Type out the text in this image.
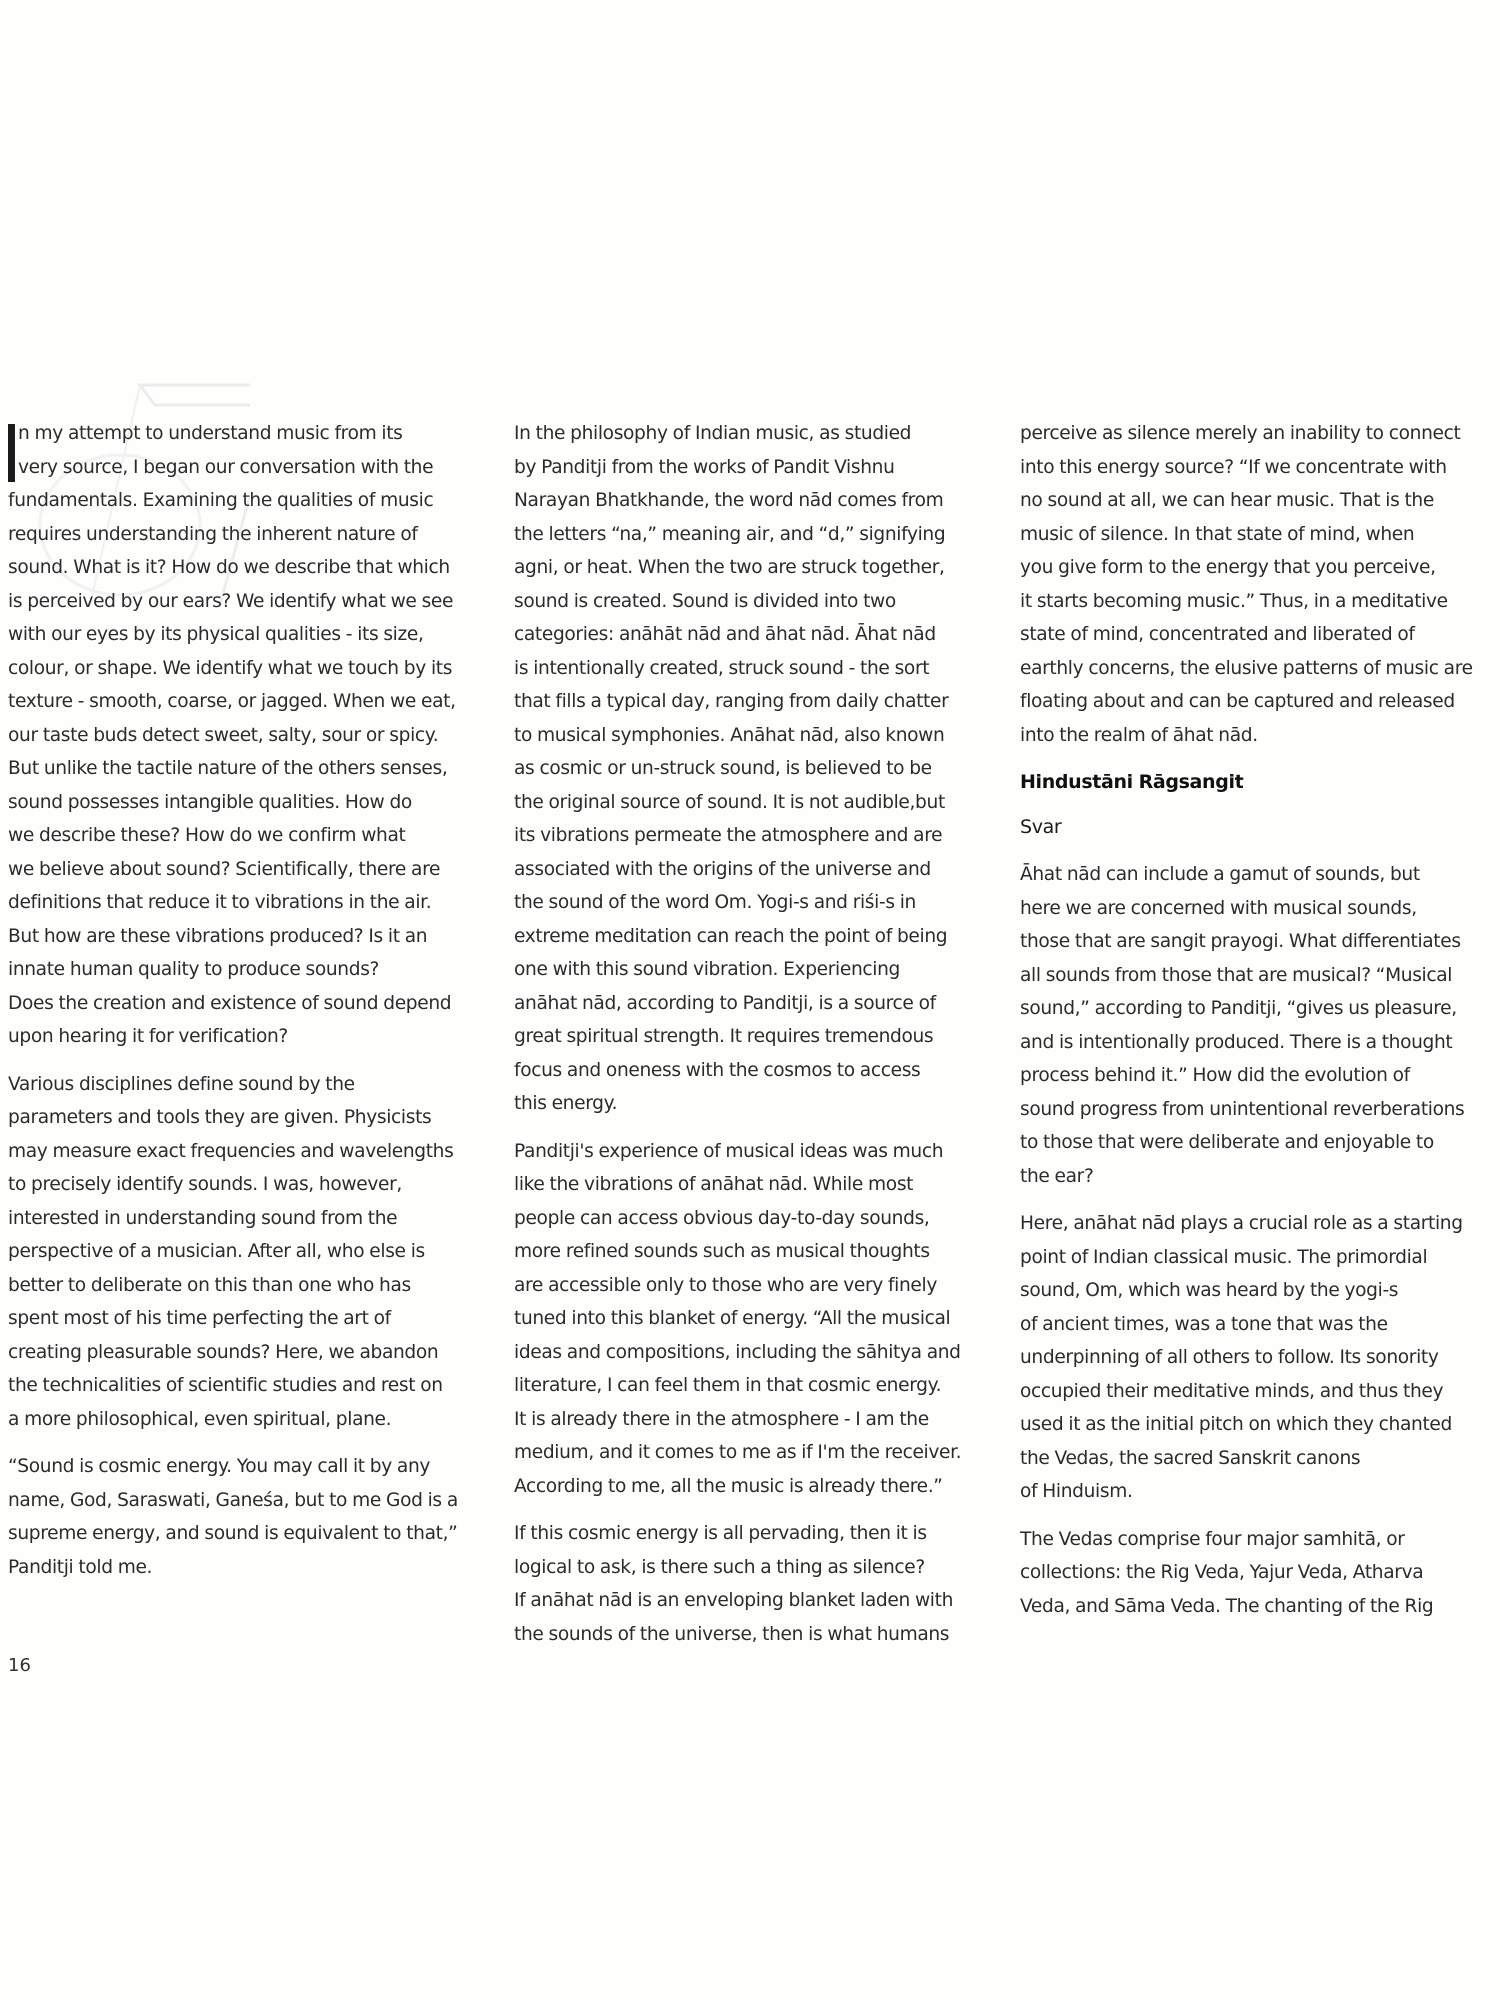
n my attempt to understand music from its
very source, I began our conversation with the
fundamentals. Examining the qualities of music
requires understanding the inherent nature of
sound. What is it? How do we describe that which
is perceived by our ears? We identify what we see
with our eyes by its physical qualities - its size,
colour, or shape. We identify what we touch by its
texture - smooth, coarse, or jagged. When we eat,
our taste buds detect sweet, salty, sour or spicy.
But unlike the tactile nature of the others senses,
sound possesses intangible qualities. How do
we describe these? How do we confirm what
we believe about sound? Scientifically, there are
definitions that reduce it to vibrations in the air.
But how are these vibrations produced? Is it an
innate human quality to produce sounds?
Does the creation and existence of sound depend
upon hearing it for verification?

Various disciplines define sound by the
parameters and tools they are given. Physicists
may measure exact frequencies and wavelengths
to precisely identify sounds. I was, however,
interested in understanding sound from the
perspective of a musician. After all, who else is
better to deliberate on this than one who has
spent most of his time perfecting the art of
creating pleasurable sounds? Here, we abandon
the technicalities of scientific studies and rest on
a more philosophical, even spiritual, plane.

“Sound is cosmic energy. You may call it by any
name, God, Saraswati, Ganeśa, but to me God is a
supreme energy, and sound is equivalent to that,”
Panditji told me.

In the philosophy of Indian music, as studied
by Panditji from the works of Pandit Vishnu
Narayan Bhatkhande, the word nād comes from
the letters “na,” meaning air, and “d,” signifying
agni, or heat. When the two are struck together,
sound is created. Sound is divided into two
categories: anāhāt nād and āhat nād. Āhat nād
is intentionally created, struck sound - the sort
that fills a typical day, ranging from daily chatter
to musical symphonies. Anāhat nād, also known
as cosmic or un-struck sound, is believed to be
the original source of sound. It is not audible,but
its vibrations permeate the atmosphere and are
associated with the origins of the universe and
the sound of the word Om. Yogi-s and riśi-s in
extreme meditation can reach the point of being
one with this sound vibration. Experiencing
anāhat nād, according to Panditji, is a source of
great spiritual strength. It requires tremendous
focus and oneness with the cosmos to access
this energy.

Panditji's experience of musical ideas was much
like the vibrations of anāhat nād. While most
people can access obvious day-to-day sounds,
more refined sounds such as musical thoughts
are accessible only to those who are very finely
tuned into this blanket of energy. “All the musical
ideas and compositions, including the sāhitya and
literature, I can feel them in that cosmic energy.
It is already there in the atmosphere - I am the
medium, and it comes to me as if I'm the receiver.
According to me, all the music is already there.”

If this cosmic energy is all pervading, then it is
logical to ask, is there such a thing as silence?
If anāhat nād is an enveloping blanket laden with
the sounds of the universe, then is what humans

perceive as silence merely an inability to connect
into this energy source? “If we concentrate with
no sound at all, we can hear music. That is the
music of silence. In that state of mind, when
you give form to the energy that you perceive,
it starts becoming music.” Thus, in a meditative
state of mind, concentrated and liberated of
earthly concerns, the elusive patterns of music are
floating about and can be captured and released
into the realm of āhat nād.

Hindustāni Rāgsangit
Svar

Āhat nād can include a gamut of sounds, but
here we are concerned with musical sounds,
those that are sangit prayogi. What differentiates
all sounds from those that are musical? “Musical
sound,” according to Panditji, “gives us pleasure,
and is intentionally produced. There is a thought
process behind it.” How did the evolution of
sound progress from unintentional reverberations
to those that were deliberate and enjoyable to
the ear?

Here, anāhat nād plays a crucial role as a starting
point of Indian classical music. The primordial
sound, Om, which was heard by the yogi-s
of ancient times, was a tone that was the
underpinning of all others to follow. Its sonority
occupied their meditative minds, and thus they
used it as the initial pitch on which they chanted
the Vedas, the sacred Sanskrit canons
of Hinduism.

The Vedas comprise four major samhitā, or
collections: the Rig Veda, Yajur Veda, Atharva
Veda, and Sāma Veda. The chanting of the Rig

16
